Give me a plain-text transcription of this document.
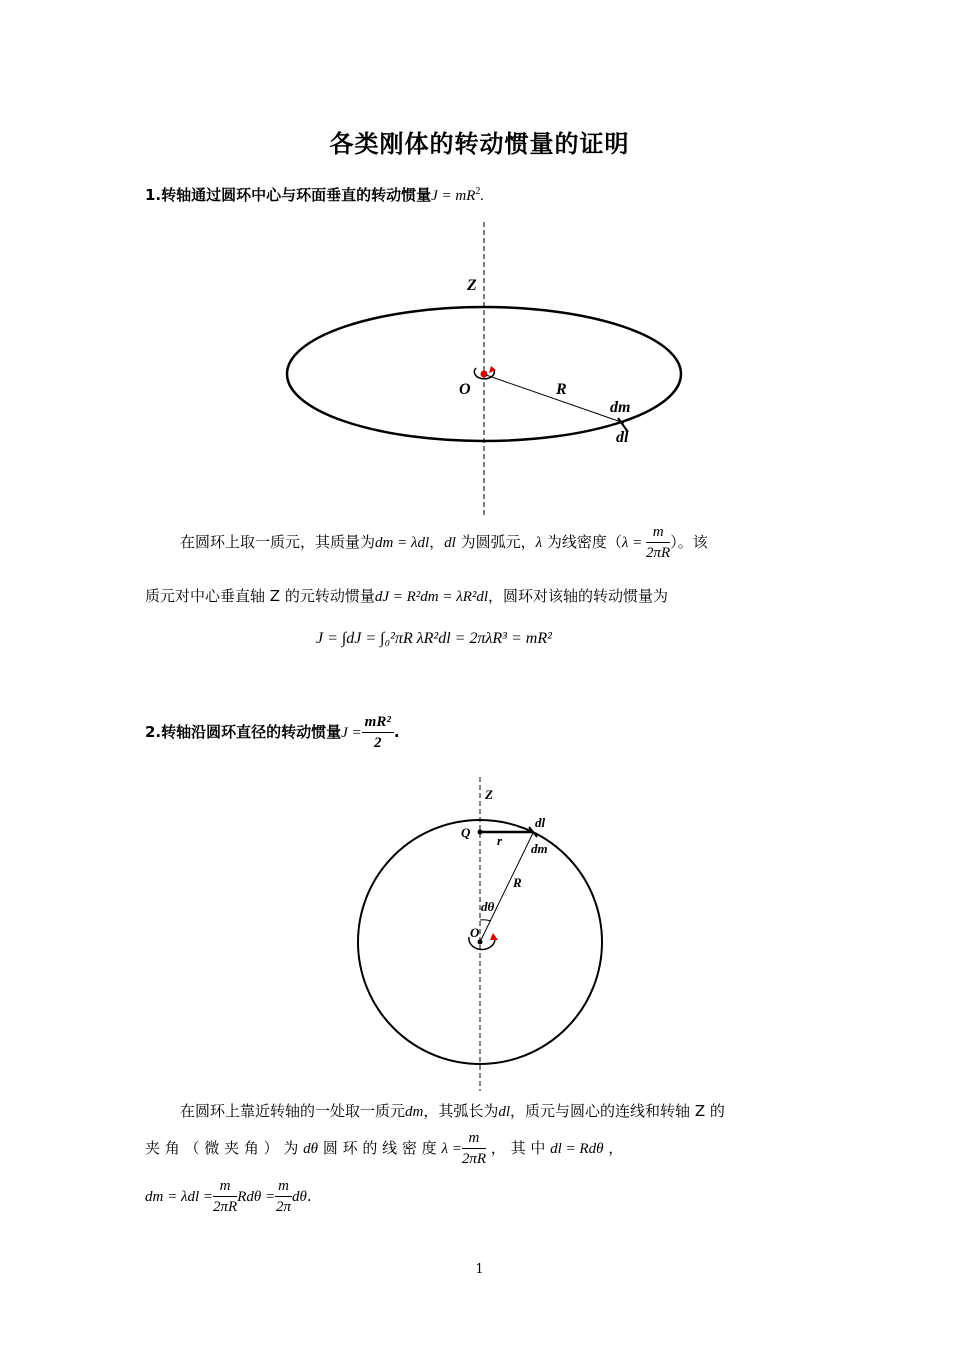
各类刚体的转动惯量的证明
1.转轴通过圆环中心与环面垂直的转动惯量$J = mR^2$.
Z
O	R
dm
dl
在圆环上取一质元，其质量为dm = λdl，dl 为圆弧元，λ 为线密度（$\lambda = \frac{m}{2\pi R}$ ）。该
质元对中心垂直轴 Z 的元转动惯量dJ = R²dm = λR²dl，圆环对该轴的转动惯量为
J = ∫dJ = ∫₀²πR λR²dl = 2πλR³ = mR²
2.转轴沿圆环直径的转动惯量$J = \frac{\text{mR²}}{2}$ .
Z
Q
r
R
dl
dm
dθ
O
在圆环上靠近转轴的一处取一质元dm，其弧长为dl，质元与圆心的连线和转轴 Z 的
夹 角 （ 微 夹 角 ） 为 dθ 圆 环 的 线 密 度 $\lambda = \frac{m}{2\pi R}$ ， 其 中 dl = Rdθ ，
dm = $\lambda dl = \frac{m}{2\pi R}$ $Rd\theta = \frac{m}{2\pi} d\theta$.
1
